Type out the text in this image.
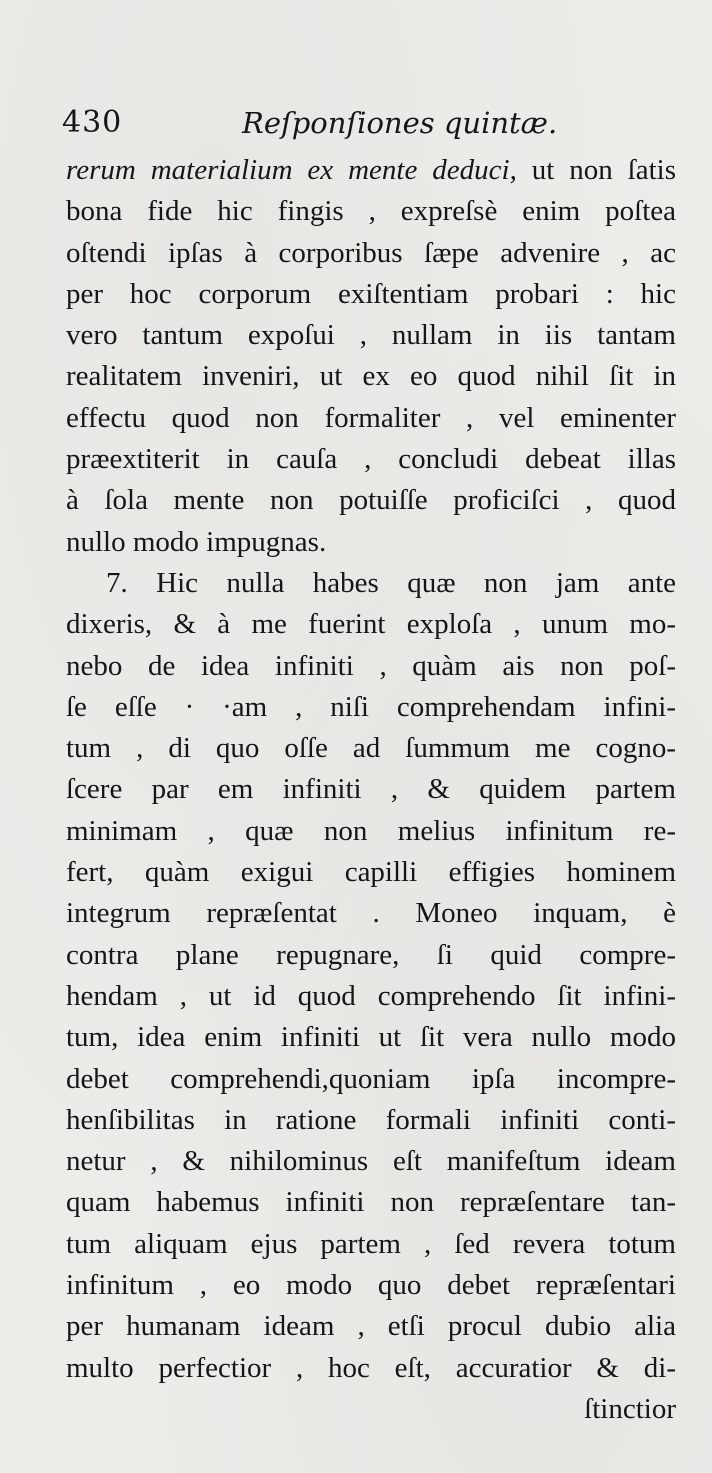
430	Reſponſiones quintæ.
rerum materialium ex mente deduci, ut non ſatis
bona fide hic fingis , expreſsè enim poſtea
oſtendi ipſas à corporibus ſæpe advenire , ac
per hoc corporum exiſtentiam probari : hic
vero tantum expoſui , nullam in iis tantam
realitatem inveniri, ut ex eo quod nihil ſit in
effectu quod non formaliter , vel eminenter
præextiterit in cauſa , concludi debeat illas
à ſola mente non potuiſſe proficiſci , quod
nullo modo impugnas.
7. Hic nulla habes quæ non jam ante
dixeris, & à me fuerint exploſa , unum mo-
nebo de idea infiniti , quàm ais non poſ-
ſe eſſe · ·am , niſi comprehendam infini-
tum , di quo oſſe ad ſummum me cogno-
ſcere par em infiniti , & quidem partem
minimam , quæ non melius infinitum re-
fert, quàm exigui capilli effigies hominem
integrum repræſentat . Moneo inquam, è
contra plane repugnare, ſi quid compre-
hendam , ut id quod comprehendo ſit infini-
tum, idea enim infiniti ut ſit vera nullo modo
debet comprehendi,quoniam ipſa incompre-
henſibilitas in ratione formali infiniti conti-
netur , & nihilominus eſt manifeſtum ideam
quam habemus infiniti non repræſentare tan-
tum aliquam ejus partem , ſed revera totum
infinitum , eo modo quo debet repræſentari
per humanam ideam , etſi procul dubio alia
multo perfectior , hoc eſt, accuratior & di-
ſtinctior
